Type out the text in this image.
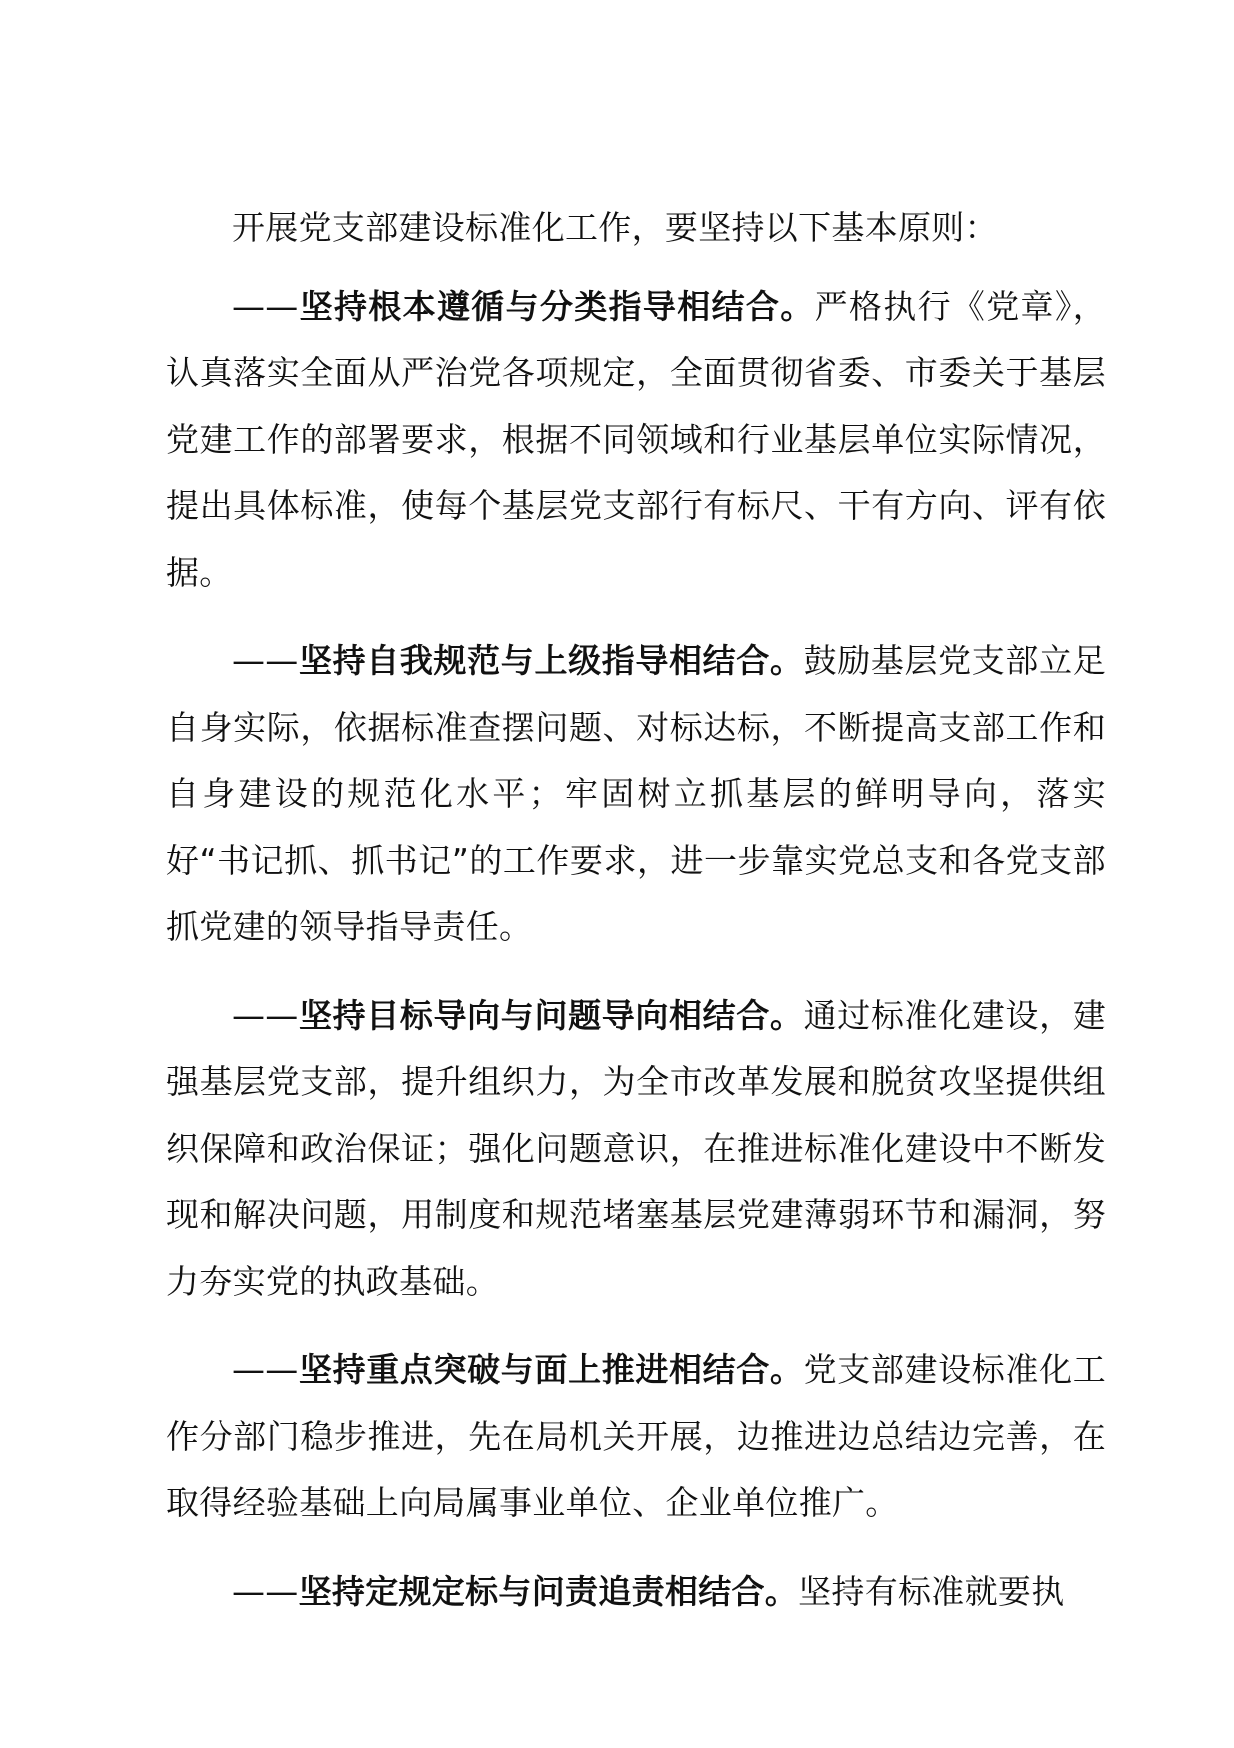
开展党支部建设标准化工作，要坚持以下基本原则：

——坚持根本遵循与分类指导相结合。严格执行《党章》，认真落实全面从严治党各项规定，全面贯彻省委、市委关于基层党建工作的部署要求，根据不同领域和行业基层单位实际情况，提出具体标准，使每个基层党支部行有标尺、干有方向、评有依据。

——坚持自我规范与上级指导相结合。鼓励基层党支部立足自身实际，依据标准查摆问题、对标达标，不断提高支部工作和自身建设的规范化水平；牢固树立抓基层的鲜明导向，落实好“书记抓、抓书记”的工作要求，进一步靠实党总支和各党支部抓党建的领导指导责任。

——坚持目标导向与问题导向相结合。通过标准化建设，建强基层党支部，提升组织力，为全市改革发展和脱贫攻坚提供组织保障和政治保证；强化问题意识，在推进标准化建设中不断发现和解决问题，用制度和规范堵塞基层党建薄弱环节和漏洞，努力夯实党的执政基础。

——坚持重点突破与面上推进相结合。党支部建设标准化工作分部门稳步推进，先在局机关开展，边推进边总结边完善，在取得经验基础上向局属事业单位、企业单位推广。

——坚持定规定标与问责追责相结合。坚持有标准就要执
